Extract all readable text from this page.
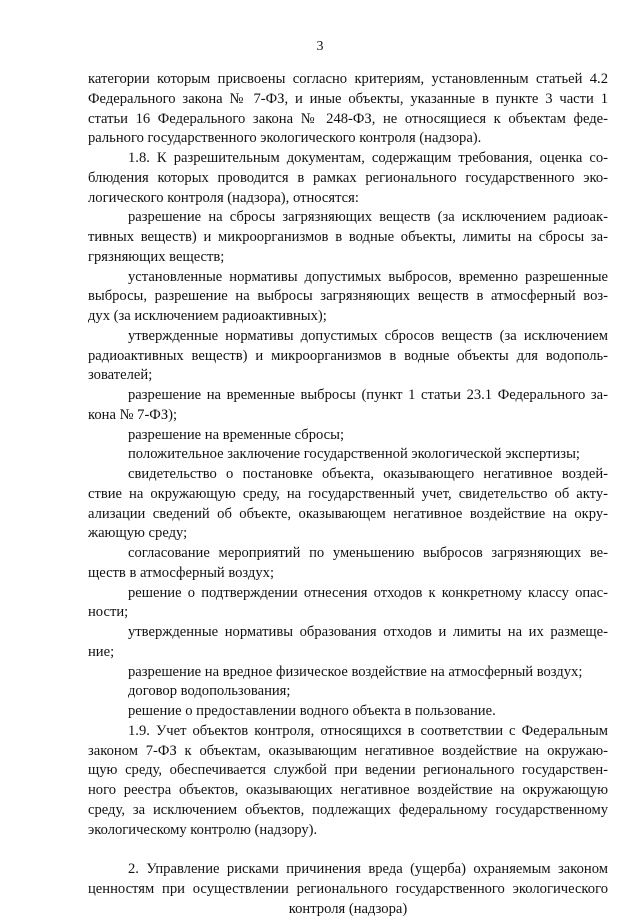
3
категории которым присвоены согласно критериям, установленным статьей 4.2
Федерального закона № 7-ФЗ, и иные объекты, указанные в пункте 3 части 1
статьи 16 Федерального закона № 248-ФЗ, не относящиеся к объектам феде-
рального государственного экологического контроля (надзора).
1.8. К разрешительным документам, содержащим требования, оценка со-
блюдения которых проводится в рамках регионального государственного эко-
логического контроля (надзора), относятся:
разрешение на сбросы загрязняющих веществ (за исключением радиоак-
тивных веществ) и микроорганизмов в водные объекты, лимиты на сбросы за-
грязняющих веществ;
установленные нормативы допустимых выбросов, временно разрешенные
выбросы, разрешение на выбросы загрязняющих веществ в атмосферный воз-
дух (за исключением радиоактивных);
утвержденные нормативы допустимых сбросов веществ (за исключением
радиоактивных веществ) и микроорганизмов в водные объекты для водополь-
зователей;
разрешение на временные выбросы (пункт 1 статьи 23.1 Федерального за-
кона № 7-ФЗ);
разрешение на временные сбросы;
положительное заключение государственной экологической экспертизы;
свидетельство о постановке объекта, оказывающего негативное воздей-
ствие на окружающую среду, на государственный учет, свидетельство об акту-
ализации сведений об объекте, оказывающем негативное воздействие на окру-
жающую среду;
согласование мероприятий по уменьшению выбросов загрязняющих ве-
ществ в атмосферный воздух;
решение о подтверждении отнесения отходов к конкретному классу опас-
ности;
утвержденные нормативы образования отходов и лимиты на их размеще-
ние;
разрешение на вредное физическое воздействие на атмосферный воздух;
договор водопользования;
решение о предоставлении водного объекта в пользование.
1.9. Учет объектов контроля, относящихся в соответствии с Федеральным
законом 7-ФЗ к объектам, оказывающим негативное воздействие на окружаю-
щую среду, обеспечивается службой при ведении регионального государствен-
ного реестра объектов, оказывающих негативное воздействие на окружающую
среду, за исключением объектов, подлежащих федеральному государственному
экологическому контролю (надзору).
2. Управление рисками причинения вреда (ущерба) охраняемым законом
ценностям при осуществлении регионального государственного экологического
контроля (надзора)
